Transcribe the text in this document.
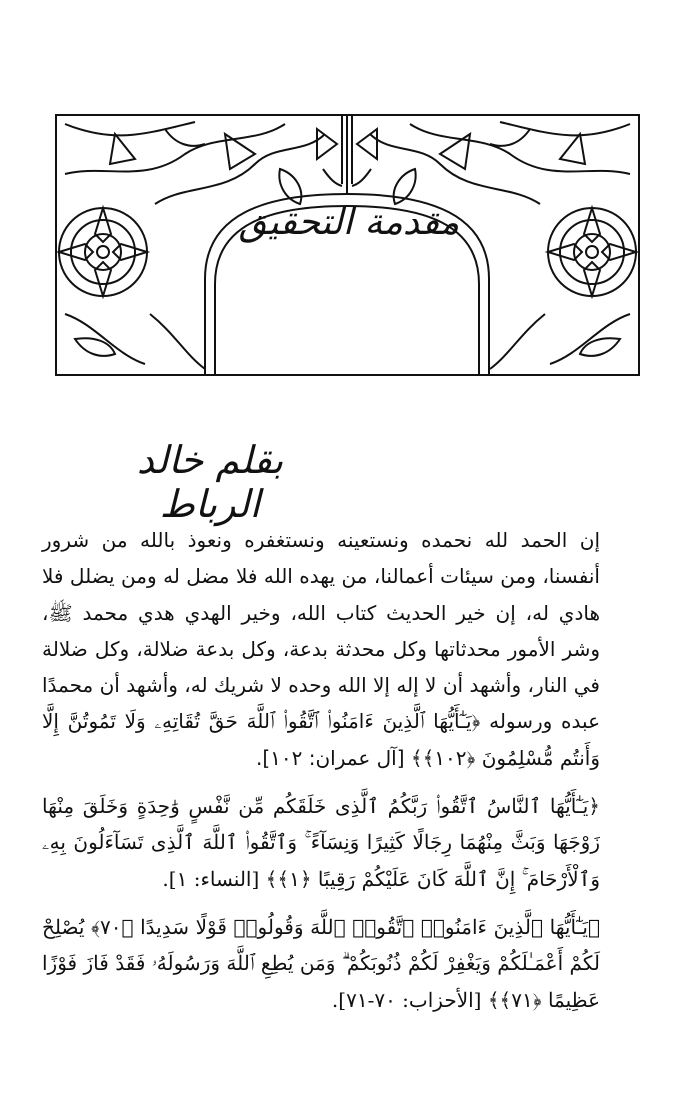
مقدمة التحقيق
بقلم خالد الرباط

إن الحمد لله نحمده ونستعينه ونستغفره ونعوذ بالله من شرور أنفسنا، ومن سيئات أعمالنا، من يهده الله فلا مضل له ومن يضلل فلا هادي له، إن خير الحديث كتاب الله، وخير الهدي هدي محمد ﷺ، وشر الأمور محدثاتها وكل محدثة بدعة، وكل بدعة ضلالة، وكل ضلالة في النار، وأشهد أن لا إله إلا الله وحده لا شريك له، وأشهد أن محمدًا عبده ورسوله ﴿يَـٰٓأَيُّهَا ٱلَّذِينَ ءَامَنُوا۟ ٱتَّقُوا۟ ٱللَّهَ حَقَّ تُقَاتِهِۦ وَلَا تَمُوتُنَّ إِلَّا وَأَنتُم مُّسْلِمُونَ ﴿١٠٢﴾﴾ [آل عمران: ١٠٢].

﴿يَـٰٓأَيُّهَا ٱلنَّاسُ ٱتَّقُوا۟ رَبَّكُمُ ٱلَّذِى خَلَقَكُم مِّن نَّفْسٍ وَٰحِدَةٍ وَخَلَقَ مِنْهَا زَوْجَهَا وَبَثَّ مِنْهُمَا رِجَالًا كَثِيرًا وَنِسَآءً ۚ وَٱتَّقُوا۟ ٱللَّهَ ٱلَّذِى تَسَآءَلُونَ بِهِۦ وَٱلْأَرْحَامَ ۚ إِنَّ ٱللَّهَ كَانَ عَلَيْكُمْ رَقِيبًا ﴿١﴾﴾ [النساء: ١].

﴿يَـٰٓأَيُّهَا ٱلَّذِينَ ءَامَنُوا۟ ٱتَّقُوا۟ ٱللَّهَ وَقُولُوا۟ قَوْلًا سَدِيدًا ﴿٧٠﴾ يُصْلِحْ لَكُمْ أَعْمَـٰلَكُمْ وَيَغْفِرْ لَكُمْ ذُنُوبَكُمْ ۗ وَمَن يُطِعِ ٱللَّهَ وَرَسُولَهُۥ فَقَدْ فَازَ فَوْزًا عَظِيمًا ﴿٧١﴾﴾ [الأحزاب: ٧٠-٧١].
